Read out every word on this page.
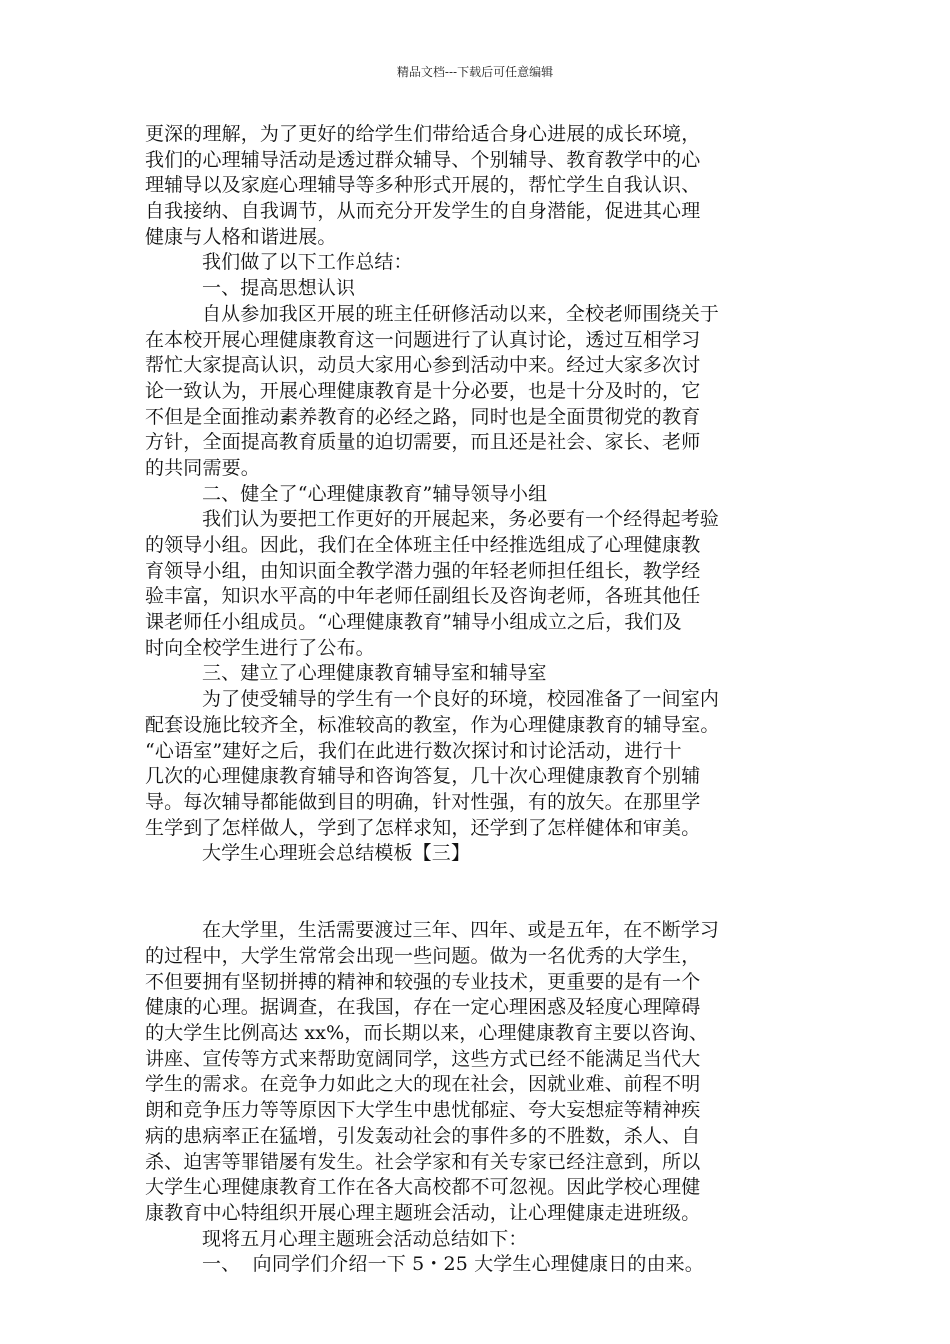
精品文档---下载后可任意编辑
更深的理解，为了更好的给学生们带给适合身心进展的成长环境，
我们的心理辅导活动是透过群众辅导、个别辅导、教育教学中的心
理辅导以及家庭心理辅导等多种形式开展的，帮忙学生自我认识、
自我接纳、自我调节，从而充分开发学生的自身潜能，促进其心理
健康与人格和谐进展。
我们做了以下工作总结：
一、提高思想认识
自从参加我区开展的班主任研修活动以来，全校老师围绕关于
在本校开展心理健康教育这一问题进行了认真讨论，透过互相学习
帮忙大家提高认识，动员大家用心参到活动中来。经过大家多次讨
论一致认为，开展心理健康教育是十分必要，也是十分及时的，它
不但是全面推动素养教育的必经之路，同时也是全面贯彻党的教育
方针，全面提高教育质量的迫切需要，而且还是社会、家长、老师
的共同需要。
二、健全了“心理健康教育”辅导领导小组
我们认为要把工作更好的开展起来，务必要有一个经得起考验
的领导小组。因此，我们在全体班主任中经推选组成了心理健康教
育领导小组，由知识面全教学潜力强的年轻老师担任组长，教学经
验丰富，知识水平高的中年老师任副组长及咨询老师，各班其他任
课老师任小组成员。“心理健康教育”辅导小组成立之后，我们及
时向全校学生进行了公布。
三、建立了心理健康教育辅导室和辅导室
为了使受辅导的学生有一个良好的环境，校园准备了一间室内
配套设施比较齐全，标准较高的教室，作为心理健康教育的辅导室。
“心语室”建好之后，我们在此进行数次探讨和讨论活动，进行十
几次的心理健康教育辅导和咨询答复，几十次心理健康教育个别辅
导。每次辅导都能做到目的明确，针对性强，有的放矢。在那里学
生学到了怎样做人，学到了怎样求知，还学到了怎样健体和审美。
大学生心理班会总结模板【三】
在大学里，生活需要渡过三年、四年、或是五年，在不断学习
的过程中，大学生常常会出现一些问题。做为一名优秀的大学生，
不但要拥有坚韧拼搏的精神和较强的专业技术，更重要的是有一个
健康的心理。据调查，在我国，存在一定心理困惑及轻度心理障碍
的大学生比例高达 xx%，而长期以来，心理健康教育主要以咨询、
讲座、宣传等方式来帮助宽阔同学，这些方式已经不能满足当代大
学生的需求。在竞争力如此之大的现在社会，因就业难、前程不明
朗和竞争压力等等原因下大学生中患忧郁症、夸大妄想症等精神疾
病的患病率正在猛增，引发轰动社会的事件多的不胜数，杀人、自
杀、迫害等罪错屡有发生。社会学家和有关专家已经注意到，所以
大学生心理健康教育工作在各大高校都不可忽视。因此学校心理健
康教育中心特组织开展心理主题班会活动，让心理健康走进班级。
现将五月心理主题班会活动总结如下：
一、  向同学们介绍一下 5・25 大学生心理健康日的由来。
